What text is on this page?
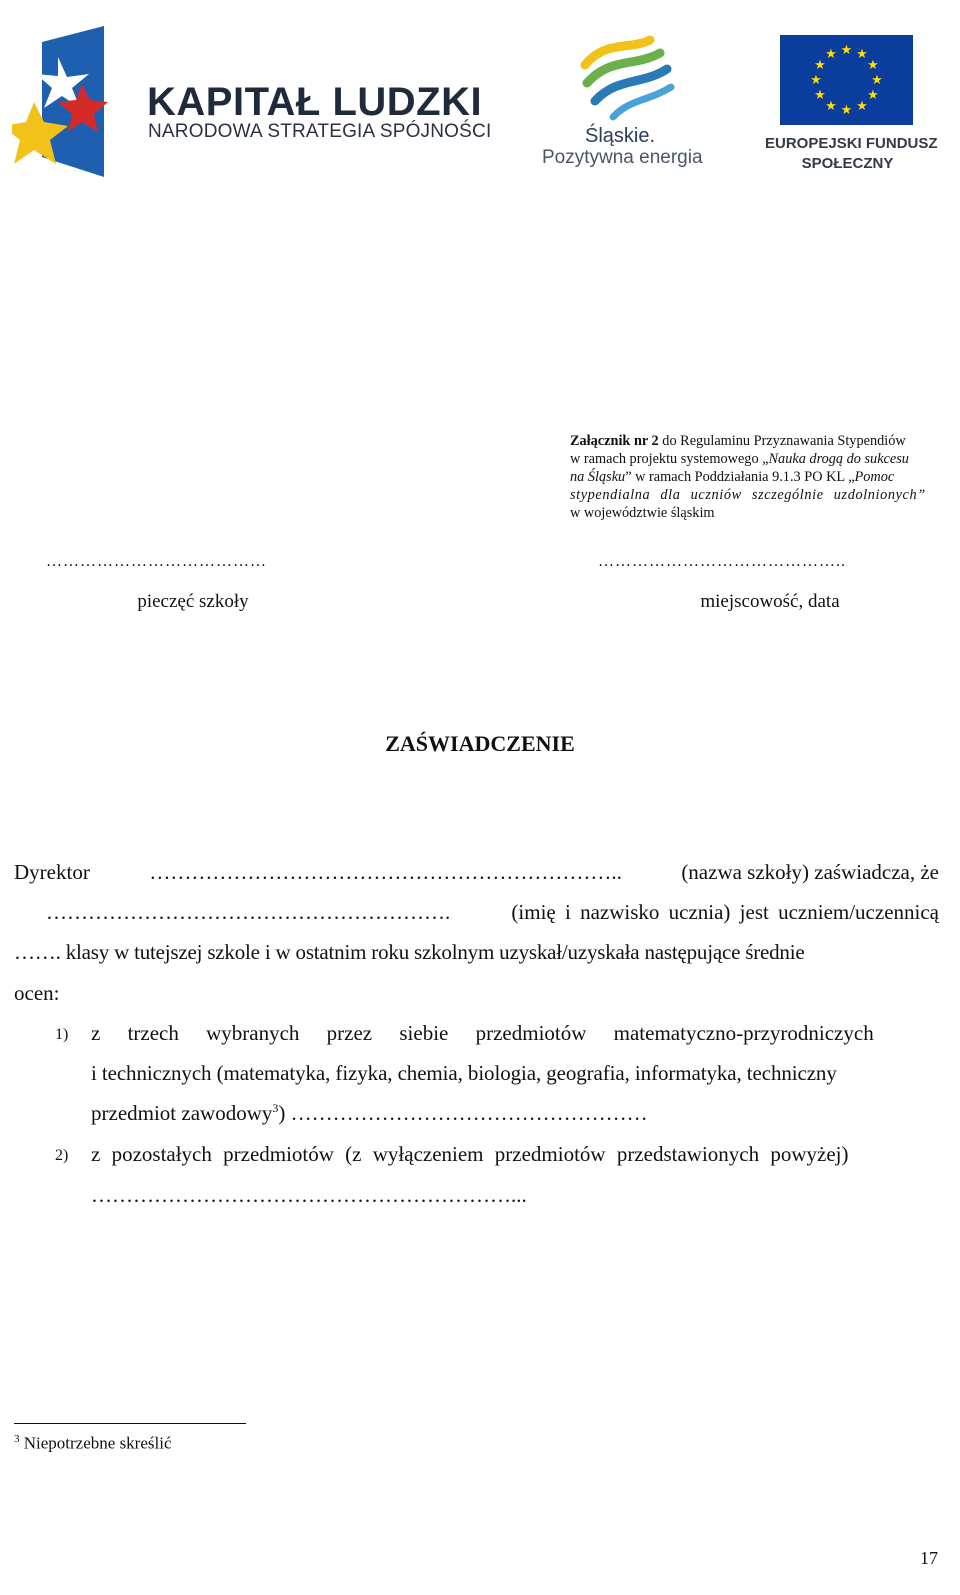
KAPITAŁ LUDZKI
NARODOWA STRATEGIA SPÓJNOŚCI	Śląskie.
Pozytywna energia
★ ★
★
★
★
★
★
★
★
★
★
★
EUROPEJSKI FUNDUSZ
SPOŁECZNY
Załącznik nr 2 do Regulaminu Przyznawania Stypendiów
w ramach projektu systemowego „Nauka drogą do sukcesu
na Śląsku” w ramach Poddziałania 9.1.3 PO KL „Pomoc
stypendialna dla uczniów szczególnie uzdolnionych”
w województwie śląskim
…………………………………
pieczęć szkoły
……………………………………..
miejscowość, data
ZAŚWIADCZENIE
Dyrektor	…………………………………………………………..	(nazwa szkoły) zaświadcza, że
………………………………………………….	(imię i nazwisko ucznia) jest uczniem/uczennicą
……. klasy w tutejszej szkole i w ostatnim roku szkolnym uzyskał/uzyskała następujące średnie
ocen:
1) z trzech wybranych przez siebie przedmiotów matematyczno-przyrodniczych
i technicznych (matematyka, fizyka, chemia, biologia, geografia, informatyka, techniczny
przedmiot zawodowy$^3$) ……………………………………………
2) z pozostałych przedmiotów (z wyłączeniem przedmiotów przedstawionych powyżej)
……………………………………………………...
$^3$ Niepotrzebne skreślić
17
